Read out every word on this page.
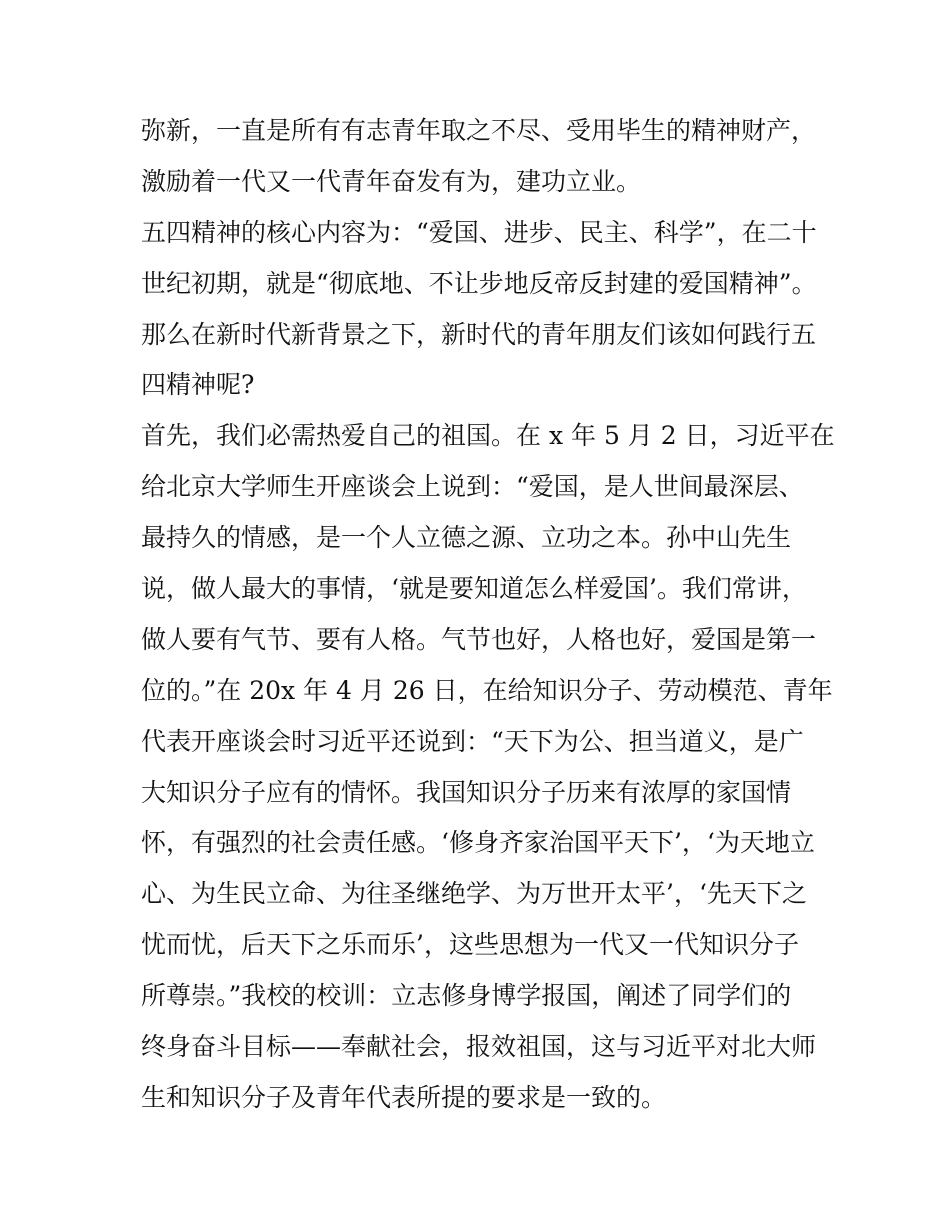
弥新，一直是所有有志青年取之不尽、受用毕生的精神财产，
激励着一代又一代青年奋发有为，建功立业。
五四精神的核心内容为：“爱国、进步、民主、科学”，在二十
世纪初期，就是“彻底地、不让步地反帝反封建的爱国精神”。
那么在新时代新背景之下，新时代的青年朋友们该如何践行五
四精神呢?
首先，我们必需热爱自己的祖国。在 x 年 5 月 2 日，习近平在
给北京大学师生开座谈会上说到：“爱国，是人世间最深层、
最持久的情感，是一个人立德之源、立功之本。孙中山先生
说，做人最大的事情，‘就是要知道怎么样爱国’。我们常讲，
做人要有气节、要有人格。气节也好，人格也好，爱国是第一
位的。”在 20x 年 4 月 26 日，在给知识分子、劳动模范、青年
代表开座谈会时习近平还说到：“天下为公、担当道义，是广
大知识分子应有的情怀。我国知识分子历来有浓厚的家国情
怀，有强烈的社会责任感。‘修身齐家治国平天下’，‘为天地立
心、为生民立命、为往圣继绝学、为万世开太平’，‘先天下之
忧而忧，后天下之乐而乐’，这些思想为一代又一代知识分子
所尊崇。”我校的校训：立志修身博学报国，阐述了同学们的
终身奋斗目标——奉献社会，报效祖国，这与习近平对北大师
生和知识分子及青年代表所提的要求是一致的。
